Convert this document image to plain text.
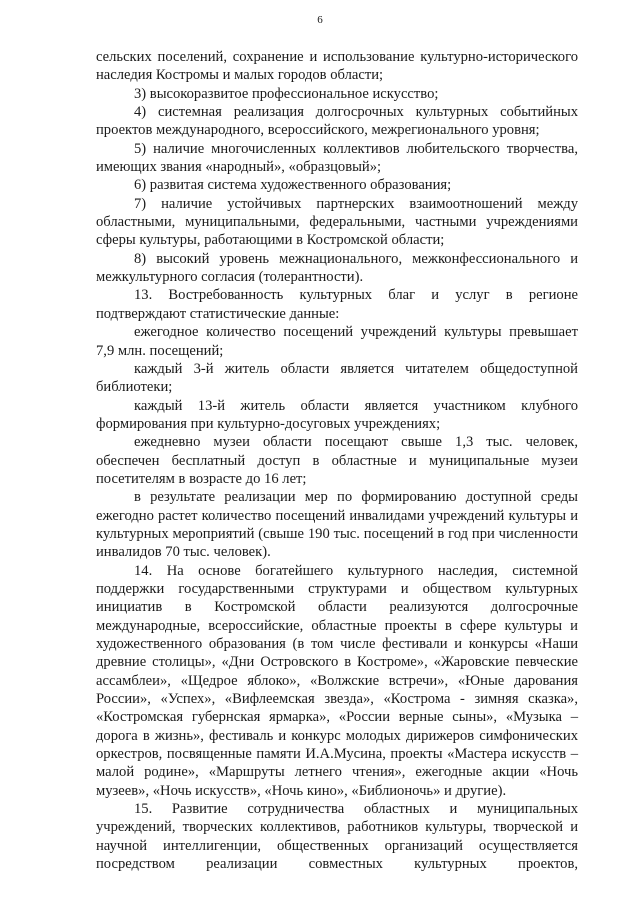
6

сельских поселений, сохранение и использование культурно-исторического наследия Костромы и малых городов области;

3) высокоразвитое профессиональное искусство;

4) системная реализация долгосрочных культурных событийных проектов международного, всероссийского, межрегионального уровня;

5) наличие многочисленных коллективов любительского творчества, имеющих звания «народный», «образцовый»;

6) развитая система художественного образования;

7) наличие устойчивых партнерских взаимоотношений между областными, муниципальными, федеральными, частными учреждениями сферы культуры, работающими в Костромской области;

8) высокий уровень межнационального, межконфессионального и межкультурного согласия (толерантности).

13. Востребованность культурных благ и услуг в регионе подтверждают статистические данные:

ежегодное количество посещений учреждений культуры превышает 7,9 млн. посещений;

каждый 3-й житель области является читателем общедоступной библиотеки;

каждый 13-й житель области является участником клубного формирования при культурно-досуговых учреждениях;

ежедневно музеи области посещают свыше 1,3 тыс. человек, обеспечен бесплатный доступ в областные и муниципальные музеи посетителям в возрасте до 16 лет;

в результате реализации мер по формированию доступной среды ежегодно растет количество посещений инвалидами учреждений культуры и культурных мероприятий (свыше 190 тыс. посещений в год при численности инвалидов 70 тыс. человек).

14. На основе богатейшего культурного наследия, системной поддержки государственными структурами и обществом культурных инициатив в Костромской области реализуются долгосрочные международные, всероссийские, областные проекты в сфере культуры и художественного образования (в том числе фестивали и конкурсы «Наши древние столицы», «Дни Островского в Костроме», «Жаровские певческие ассамблеи», «Щедрое яблоко», «Волжские встречи», «Юные дарования России», «Успех», «Вифлеемская звезда», «Кострома - зимняя сказка», «Костромская губернская ярмарка», «России верные сыны», «Музыка – дорога в жизнь», фестиваль и конкурс молодых дирижеров симфонических оркестров, посвященные памяти И.А.Мусина, проекты «Мастера искусств – малой родине», «Маршруты летнего чтения», ежегодные акции «Ночь музеев», «Ночь искусств», «Ночь кино», «Библионочь» и другие).

15. Развитие сотрудничества областных и муниципальных учреждений, творческих коллективов, работников культуры, творческой и научной интеллигенции, общественных организаций осуществляется посредством реализации совместных культурных проектов,
